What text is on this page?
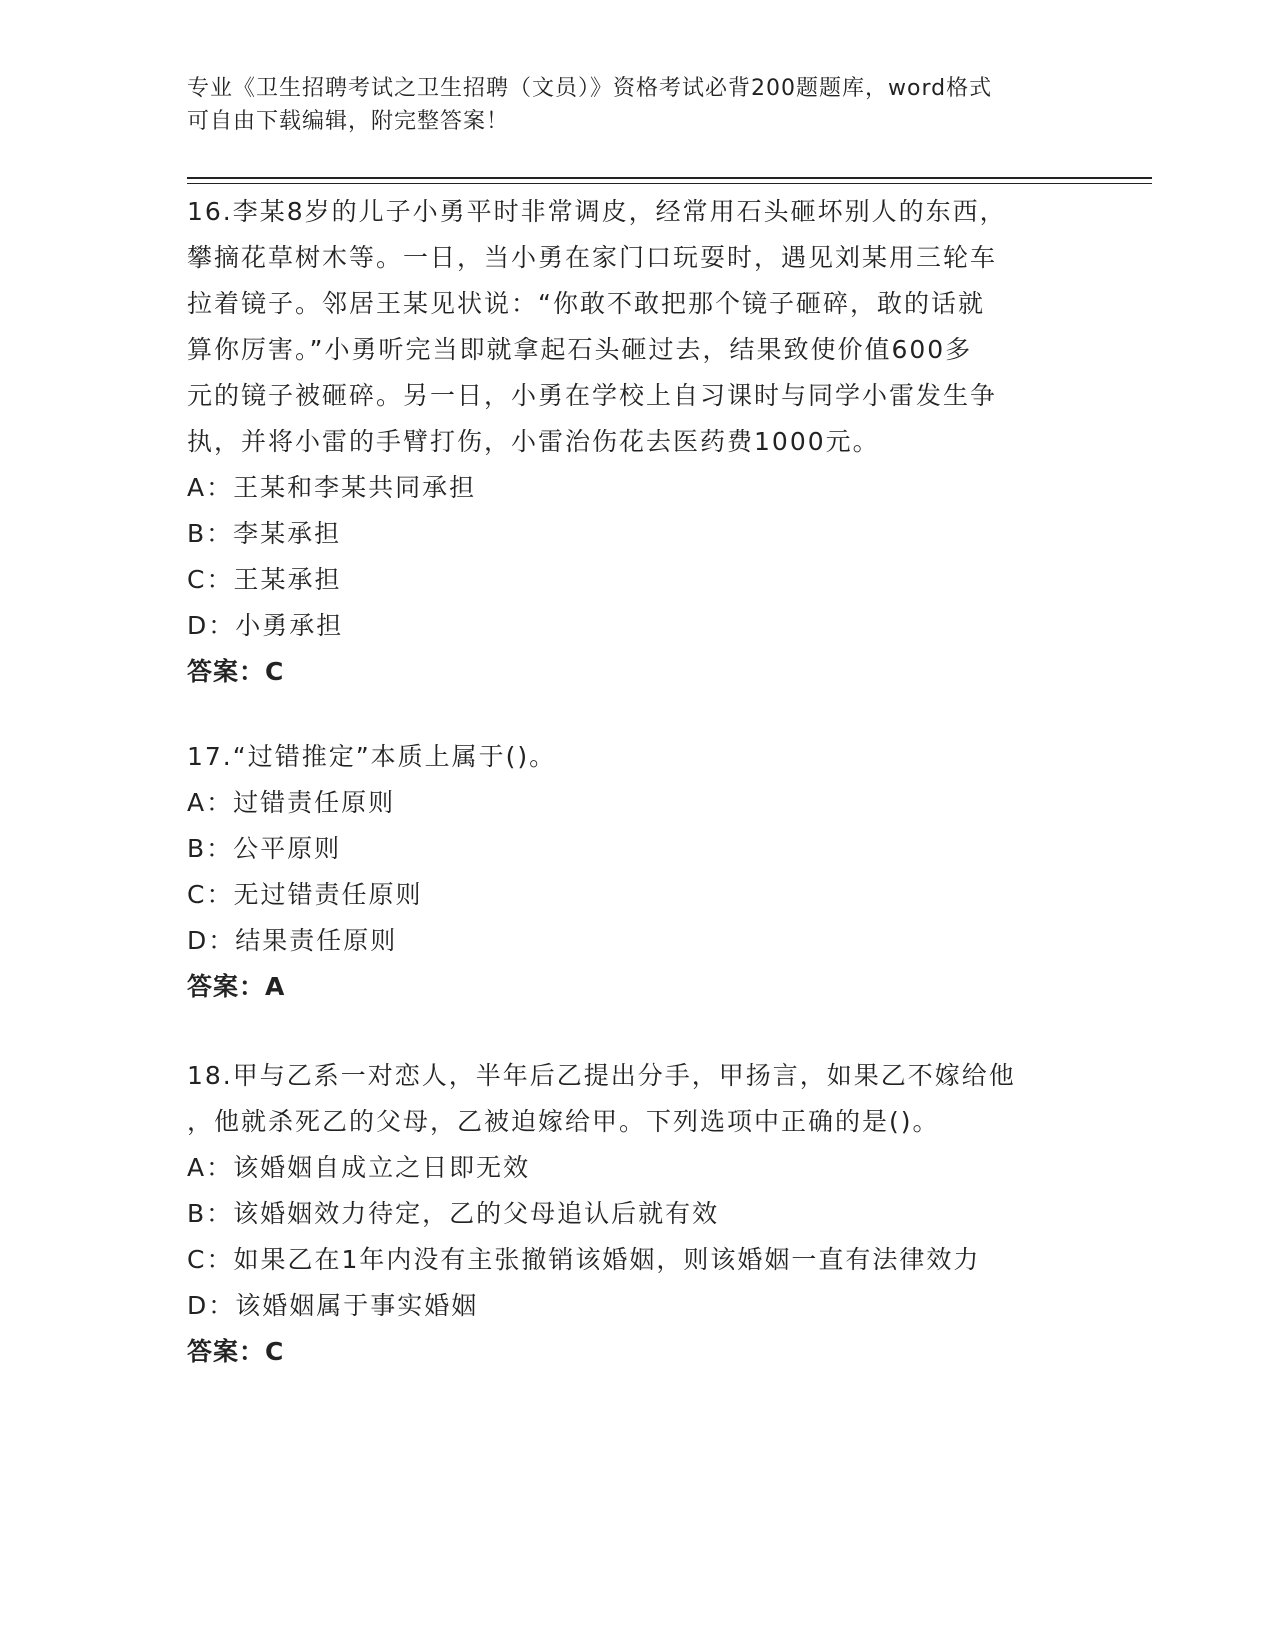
专业《卫生招聘考试之卫生招聘（文员）》资格考试必背200题题库，word格式
可自由下载编辑，附完整答案！
16.李某8岁的儿子小勇平时非常调皮，经常用石头砸坏别人的东西，
攀摘花草树木等。一日，当小勇在家门口玩耍时，遇见刘某用三轮车
拉着镜子。邻居王某见状说：“你敢不敢把那个镜子砸碎，敢的话就
算你厉害。”小勇听完当即就拿起石头砸过去，结果致使价值600多
元的镜子被砸碎。另一日，小勇在学校上自习课时与同学小雷发生争
执，并将小雷的手臂打伤，小雷治伤花去医药费1000元。
A：王某和李某共同承担
B：李某承担
C：王某承担
D：小勇承担
答案：C
17.“过错推定”本质上属于()。
A：过错责任原则
B：公平原则
C：无过错责任原则
D：结果责任原则
答案：A
18.甲与乙系一对恋人，半年后乙提出分手，甲扬言，如果乙不嫁给他
，他就杀死乙的父母，乙被迫嫁给甲。下列选项中正确的是()。
A：该婚姻自成立之日即无效
B：该婚姻效力待定，乙的父母追认后就有效
C：如果乙在1年内没有主张撤销该婚姻，则该婚姻一直有法律效力
D：该婚姻属于事实婚姻
答案：C
